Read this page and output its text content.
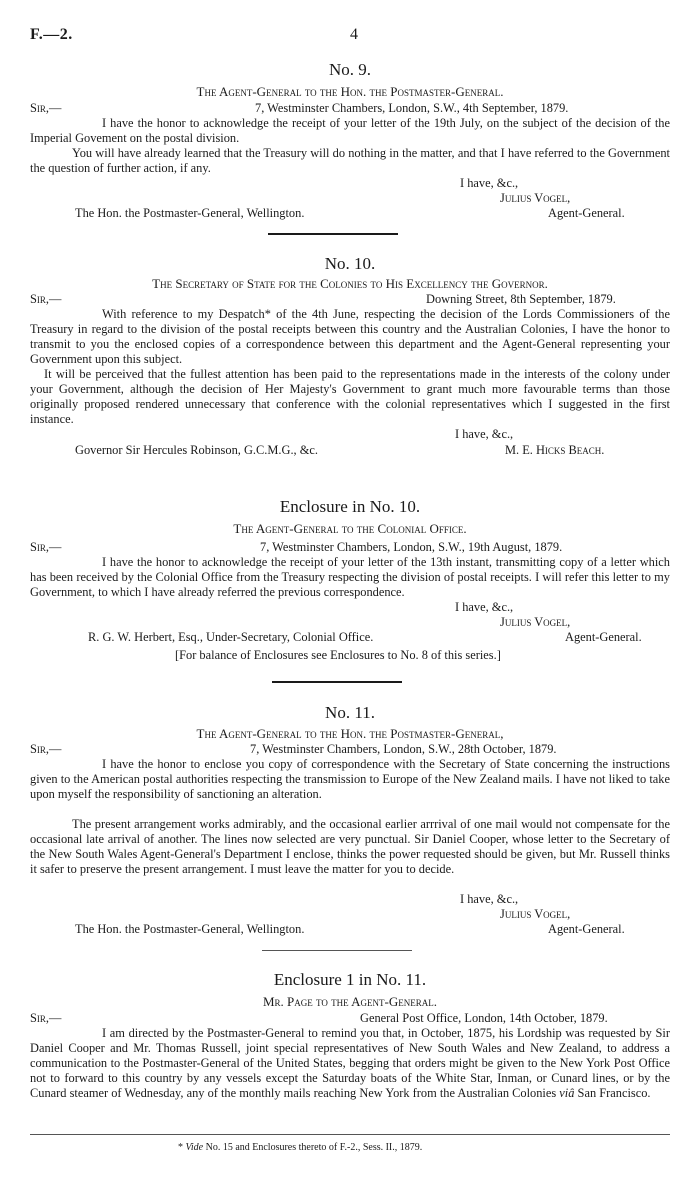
F.—2.	4
No. 9.
The Agent-General to the Hon. the Postmaster-General.
Sir,—	7, Westminster Chambers, London, S.W., 4th September, 1879.
I have the honor to acknowledge the receipt of your letter of the 19th July, on the subject of the decision of the Imperial Govement on the postal division.
You will have already learned that the Treasury will do nothing in the matter, and that I have referred to the Government the question of further action, if any.
I have, &c.,
Julius Vogel,
The Hon. the Postmaster-General, Wellington.	Agent-General.
No. 10.
The Secretary of State for the Colonies to His Excellency the Governor.
Sir,—	Downing Street, 8th September, 1879.
With reference to my Despatch* of the 4th June, respecting the decision of the Lords Commissioners of the Treasury in regard to the division of the postal receipts between this country and the Australian Colonies, I have the honor to transmit to you the enclosed copies of a correspondence between this department and the Agent-General representing your Government upon this subject.
It will be perceived that the fullest attention has been paid to the representations made in the interests of the colony under your Government, although the decision of Her Majesty's Government to grant much more favourable terms than those originally proposed rendered unnecessary that conference with the colonial representatives which I suggested in the first instance.
I have, &c.,
Governor Sir Hercules Robinson, G.C.M.G., &c.	M. E. Hicks Beach.
Enclosure in No. 10.
The Agent-General to the Colonial Office.
Sir,—	7, Westminster Chambers, London, S.W., 19th August, 1879.
I have the honor to acknowledge the receipt of your letter of the 13th instant, transmitting copy of a letter which has been received by the Colonial Office from the Treasury respecting the division of postal receipts. I will refer this letter to my Government, to which I have already referred the previous correspondence.
I have, &c.,
Julius Vogel,
R. G. W. Herbert, Esq., Under-Secretary, Colonial Office.	Agent-General.
[For balance of Enclosures see Enclosures to No. 8 of this series.]
No. 11.
The Agent-General to the Hon. the Postmaster-General,
Sir,—	7, Westminster Chambers, London, S.W., 28th October, 1879.
I have the honor to enclose you copy of correspondence with the Secretary of State concerning the instructions given to the American postal authorities respecting the transmission to Europe of the New Zealand mails. I have not liked to take upon myself the responsibility of sanctioning an alteration.
The present arrangement works admirably, and the occasional earlier arrrival of one mail would not compensate for the occasional late arrival of another. The lines now selected are very punctual. Sir Daniel Cooper, whose letter to the Secretary of the New South Wales Agent-General's Department I enclose, thinks the power requested should be given, but Mr. Russell thinks it safer to preserve the present arrangement. I must leave the matter for you to decide.
I have, &c.,
Julius Vogel,
The Hon. the Postmaster-General, Wellington.	Agent-General.
Enclosure 1 in No. 11.
Mr. Page to the Agent-General.
Sir,—	General Post Office, London, 14th October, 1879.
I am directed by the Postmaster-General to remind you that, in October, 1875, his Lordship was requested by Sir Daniel Cooper and Mr. Thomas Russell, joint special representatives of New South Wales and New Zealand, to address a communication to the Postmaster-General of the United States, begging that orders might be given to the New York Post Office not to forward to this country by any vessels except the Saturday boats of the White Star, Inman, or Cunard lines, or by the Cunard steamer of Wednesday, any of the monthly mails reaching New York from the Australian Colonies viâ San Francisco.
* Vide No. 15 and Enclosures thereto of F.-2., Sess. II., 1879.
